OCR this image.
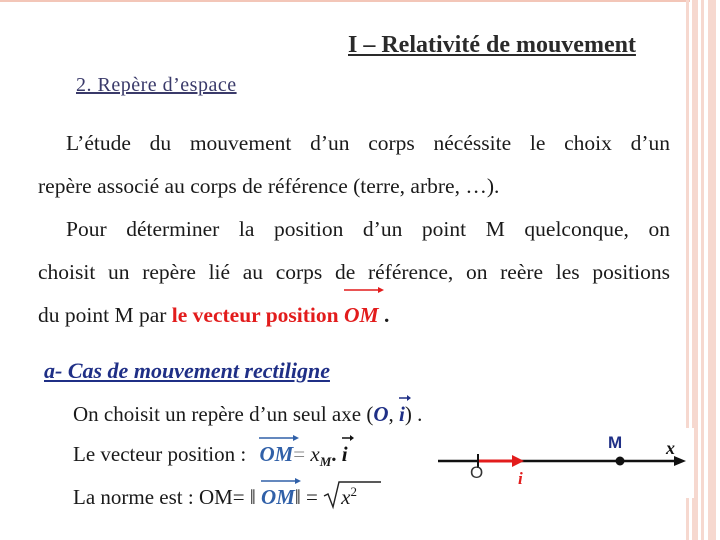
I – Relativité de mouvement
2. Repère d’espace
L’étude du mouvement d’un corps nécéssite le choix d’un
repère associé au corps de référence (terre, arbre, …).
Pour déterminer la position d’un point M quelconque, on
choisit un repère lié au corps de référence, on reère les positions
du point M par le vecteur position OM .
a- Cas de mouvement rectiligne
On choisit un repère d’un seul axe (O,
i) .
Le vecteur position : $OM= x_M$. i
La norme est : OM= ‖ OM‖ = $x^2$
O i
M x
